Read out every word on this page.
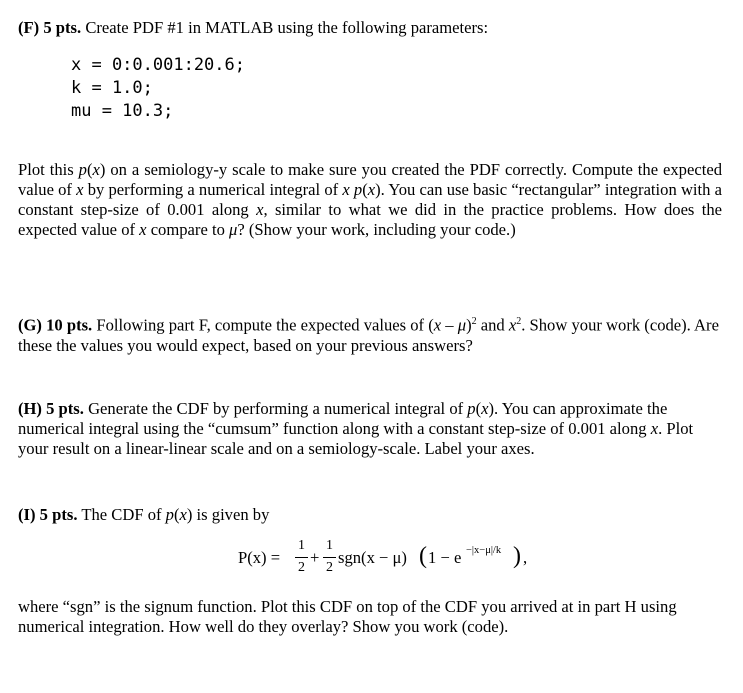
(F) 5 pts. Create PDF #1 in MATLAB using the following parameters:

x = 0:0.001:20.6;
k = 1.0;
mu = 10.3;

Plot this p(x) on a semiology-y scale to make sure you created the PDF correctly. Compute the expected value of x by performing a numerical integral of x p(x). You can use basic “rectangular” integration with a constant step-size of 0.001 along x, similar to what we did in the practice problems. How does the expected value of x compare to μ? (Show your work, including your code.)

(G) 10 pts. Following part F, compute the expected values of (x – μ)$^2$ and $x^2$. Show your work (code). Are these the values you would expect, based on your previous answers?

(H) 5 pts. Generate the CDF by performing a numerical integral of p(x). You can approximate the numerical integral using the “cumsum” function along with a constant step-size of 0.001 along x. Plot your result on a linear-linear scale and on a semiology-scale. Label your axes.

(I) 5 pts. The CDF of p(x) is given by

P(x) =
1
2
+
1
2
sgn(x − μ) ( 1 − e −|x−μ|/k ) ,

where “sgn” is the signum function. Plot this CDF on top of the CDF you arrived at in part H using numerical integration. How well do they overlay? Show you work (code).
